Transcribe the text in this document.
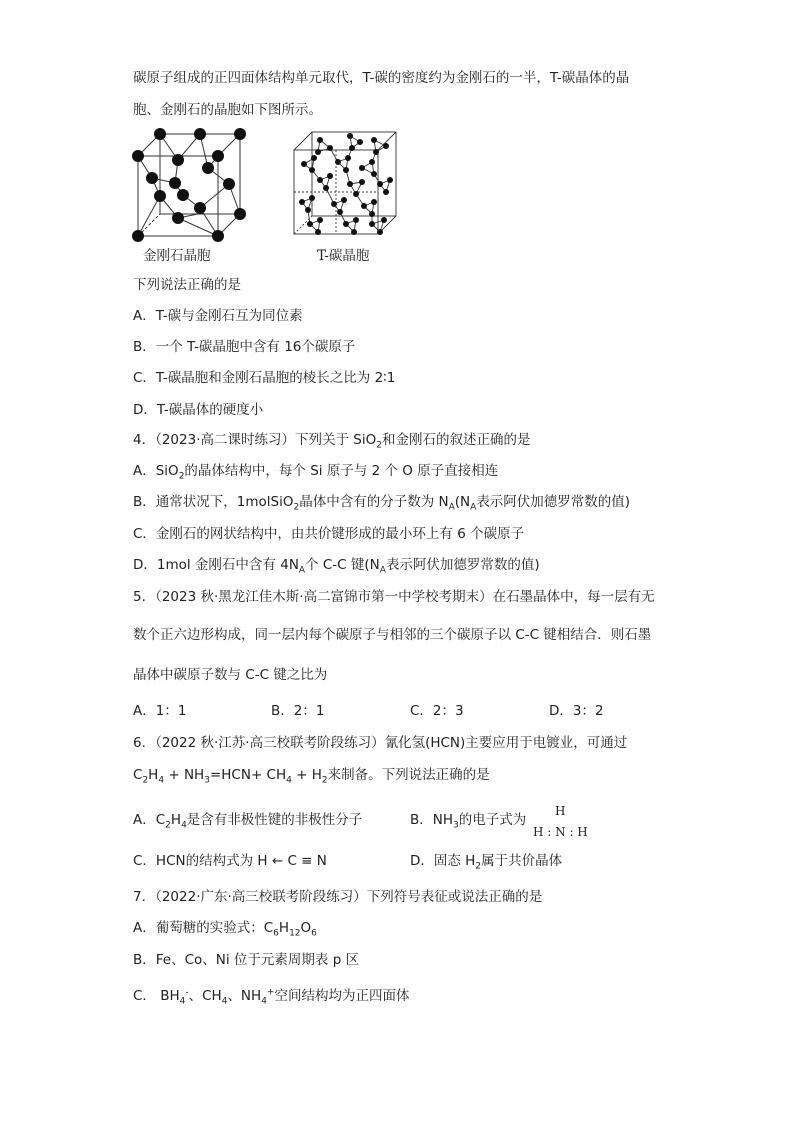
碳原子组成的正四面体结构单元取代，T-碳的密度约为金刚石的一半，T-碳晶体的晶
胞、金刚石的晶胞如下图所示。
金刚石晶胞	T-碳晶胞
下列说法正确的是
A．T-碳与金刚石互为同位素
B．一个 T-碳晶胞中含有 16个碳原子
C．T-碳晶胞和金刚石晶胞的棱长之比为 2∶1
D．T-碳晶体的硬度小
4．（2023·高二课时练习）下列关于 SiO$_2$和金刚石的叙述正确的是
A．SiO$_2$的晶体结构中，每个 Si 原子与 2 个 O 原子直接相连
B．通常状况下，1molSiO$_2$晶体中含有的分子数为 $N_A(N_A$表示阿伏加德罗常数的值)
C．金刚石的网状结构中，由共价键形成的最小环上有 6 个碳原子
D．1mol 金刚石中含有 $4N_A$个 C-C 键($N_A$表示阿伏加德罗常数的值)
5．（2023 秋·黑龙江佳木斯·高二富锦市第一中学校考期末）在石墨晶体中，每一层有无
数个正六边形构成，同一层内每个碳原子与相邻的三个碳原子以 C-C 键相结合．则石墨
晶体中碳原子数与 C-C 键之比为
A．1：1	B．2：1	C．2：3	D．3：2
6．（2022 秋·江苏·高三校联考阶段练习）氰化氢(HCN)主要应用于电镀业，可通过
$C_2H_4 + NH_3=HCN+ CH_4 + H_2$来制备。下列说法正确的是
A．$C_2H_4$是含有非极性键的非极性分子	B．$NH_3$的电子式为
H
H : N : H
C．HCN的结构式为 H ← C ≡ N	D．固态 $H_2$属于共价晶体
7．（2022·广东·高三校联考阶段练习）下列符号表征或说法正确的是
A．葡萄糖的实验式：$C_6H_{12}O_6$
B．Fe、Co、Ni 位于元素周期表 p 区
C． $BH_4^-$、$CH_4$、$NH_4^+$空间结构均为正四面体
